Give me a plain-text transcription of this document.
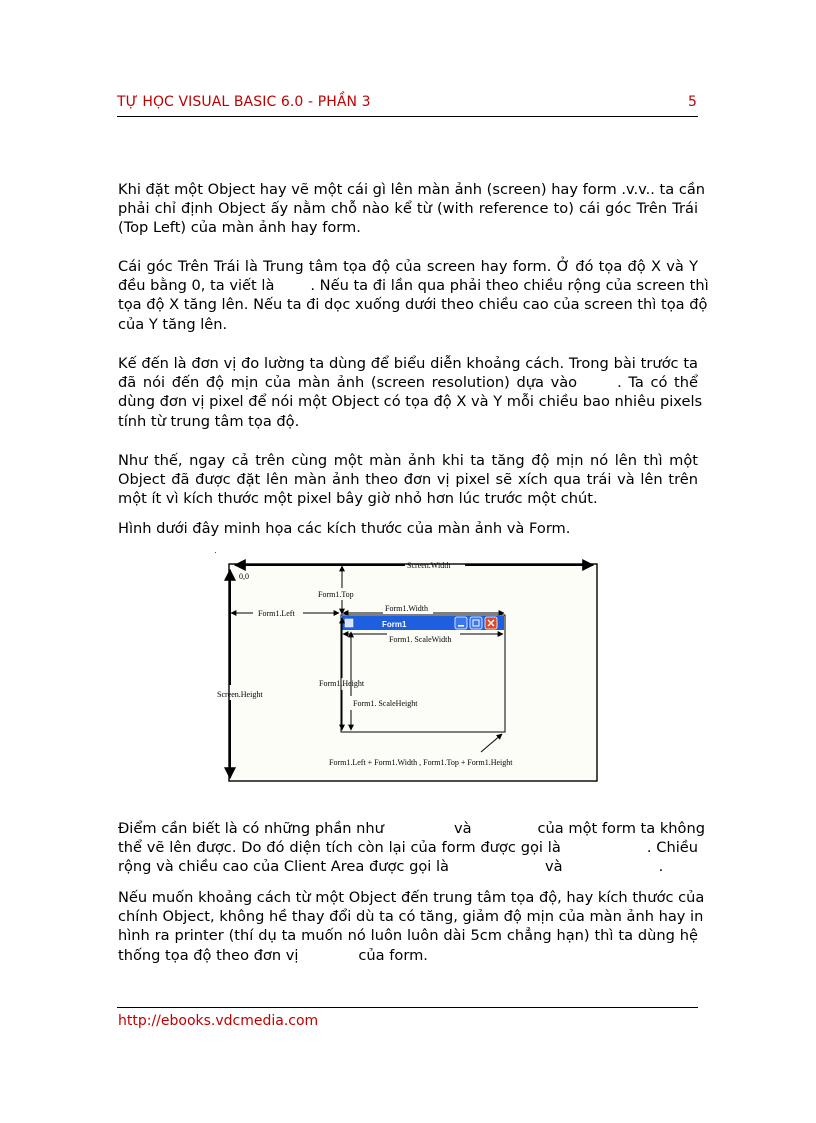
TỰ HỌC VISUAL BASIC 6.0 - PHẦN 3	5

Khi đặt một Object hay vẽ một cái gì lên màn ảnh (screen) hay form .v.v.. ta cần
phải chỉ định Object ấy nằm chỗ nào kể từ (with reference to) cái góc Trên Trái
(Top Left) của màn ảnh hay form.

Cái góc Trên Trái là Trung tâm tọa độ của screen hay form. Ở đó tọa độ X và Y
đều bằng 0, ta viết là . Nếu ta đi lần qua phải theo chiều rộng của screen thì
tọa độ X tăng lên. Nếu ta đi dọc xuống dưới theo chiều cao của screen thì tọa độ
của Y tăng lên.

Kế đến là đơn vị đo lường ta dùng để biểu diễn khoảng cách. Trong bài trước ta
đã nói đến độ mịn của màn ảnh (screen resolution) dựa vào	. Ta có thể
dùng đơn vị pixel để nói một Object có tọa độ X và Y mỗi chiều bao nhiêu pixels
tính từ trung tâm tọa độ.

Như thế, ngay cả trên cùng một màn ảnh khi ta tăng độ mịn nó lên thì một
Object đã được đặt lên màn ảnh theo đơn vị pixel sẽ xích qua trái và lên trên
một ít vì kích thước một pixel bây giờ nhỏ hơn lúc trước một chút.

Hình dưới đây minh họa các kích thước của màn ảnh và Form.

0,0
Screen.Width
Screen.Height
Form1.Top
Form1.Left
Form1.Width
Form1
Form1. ScaleWidth
Form1.Height
Form1. ScaleHeight
Form1.Left + Form1.Width , Form1.Top + Form1.Height

Điểm cần biết là có những phần như	và	của một form ta không
thể vẽ lên được. Do đó diện tích còn lại của form được gọi là	. Chiều
rộng và chiều cao của Client Area được gọi là	và	.

Nếu muốn khoảng cách từ một Object đến trung tâm tọa độ, hay kích thước của
chính Object, không hề thay đổi dù ta có tăng, giảm độ mịn của màn ảnh hay in
hình ra printer (thí dụ ta muốn nó luôn luôn dài 5cm chẳng hạn) thì ta dùng hệ
thống tọa độ theo đơn vị	của form.

http://ebooks.vdcmedia.com
